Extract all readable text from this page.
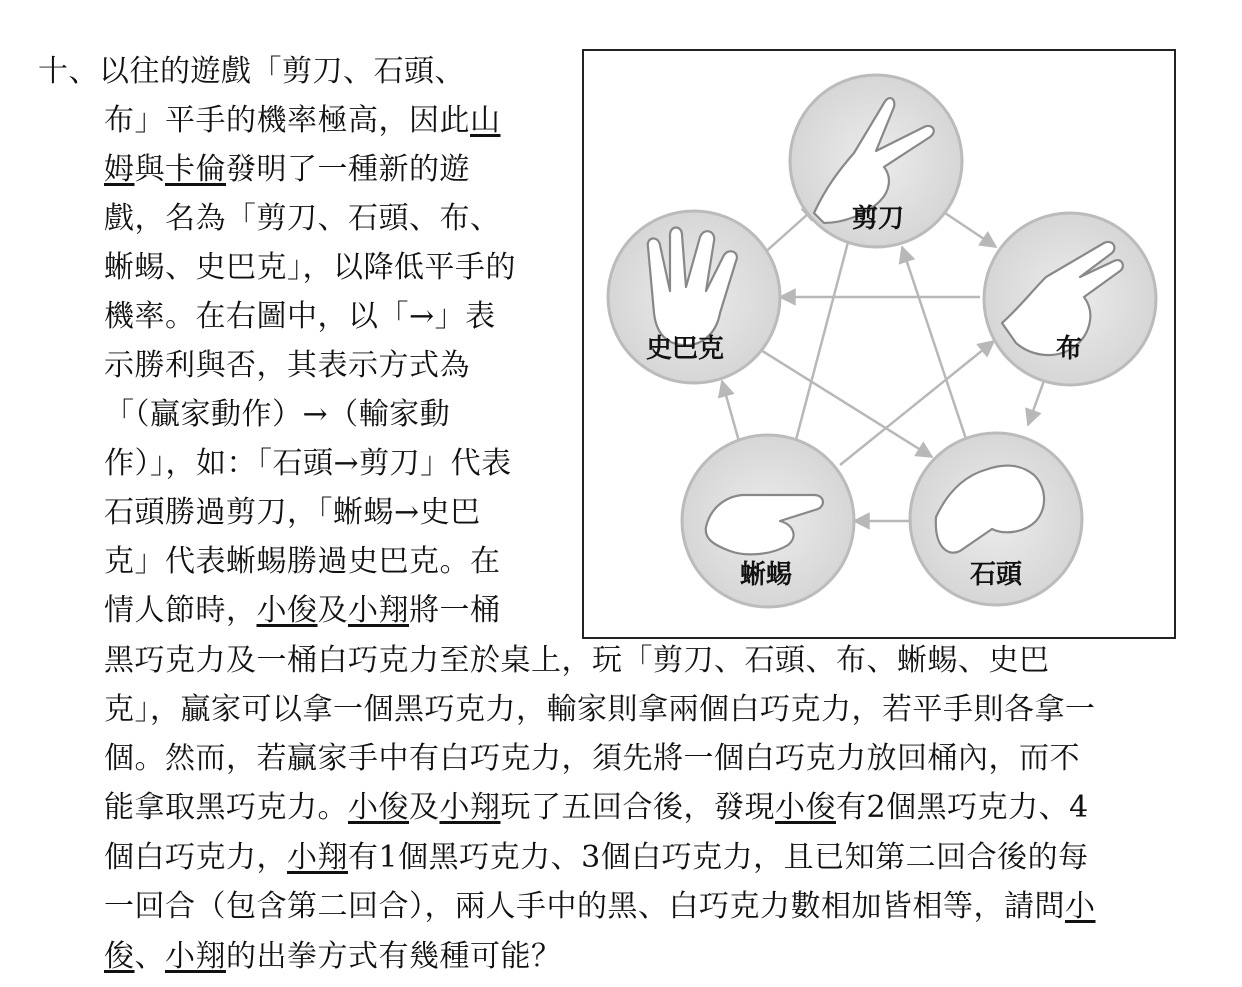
十、以往的遊戲「剪刀、石頭、
布」平手的機率極高，因此山
姆與卡倫發明了一種新的遊
戲，名為「剪刀、石頭、布、
蜥蜴、史巴克」，以降低平手的
機率。在右圖中，以「→」表
示勝利與否，其表示方式為
「（贏家動作）→（輸家動
作）」，如：「石頭→剪刀」代表
石頭勝過剪刀，「蜥蜴→史巴
克」代表蜥蜴勝過史巴克。在
情人節時，小俊及小翔將一桶
黑巧克力及一桶白巧克力至於桌上，玩「剪刀、石頭、布、蜥蜴、史巴
克」，贏家可以拿一個黑巧克力，輸家則拿兩個白巧克力，若平手則各拿一
個。然而，若贏家手中有白巧克力，須先將一個白巧克力放回桶內，而不
能拿取黑巧克力。小俊及小翔玩了五回合後，發現小俊有2個黑巧克力、4
個白巧克力，小翔有1個黑巧克力、3個白巧克力，且已知第二回合後的每
一回合（包含第二回合），兩人手中的黑、白巧克力數相加皆相等，請問小
俊、小翔的出拳方式有幾種可能？
剪刀
布
石頭
蜥蜴
史巴克
